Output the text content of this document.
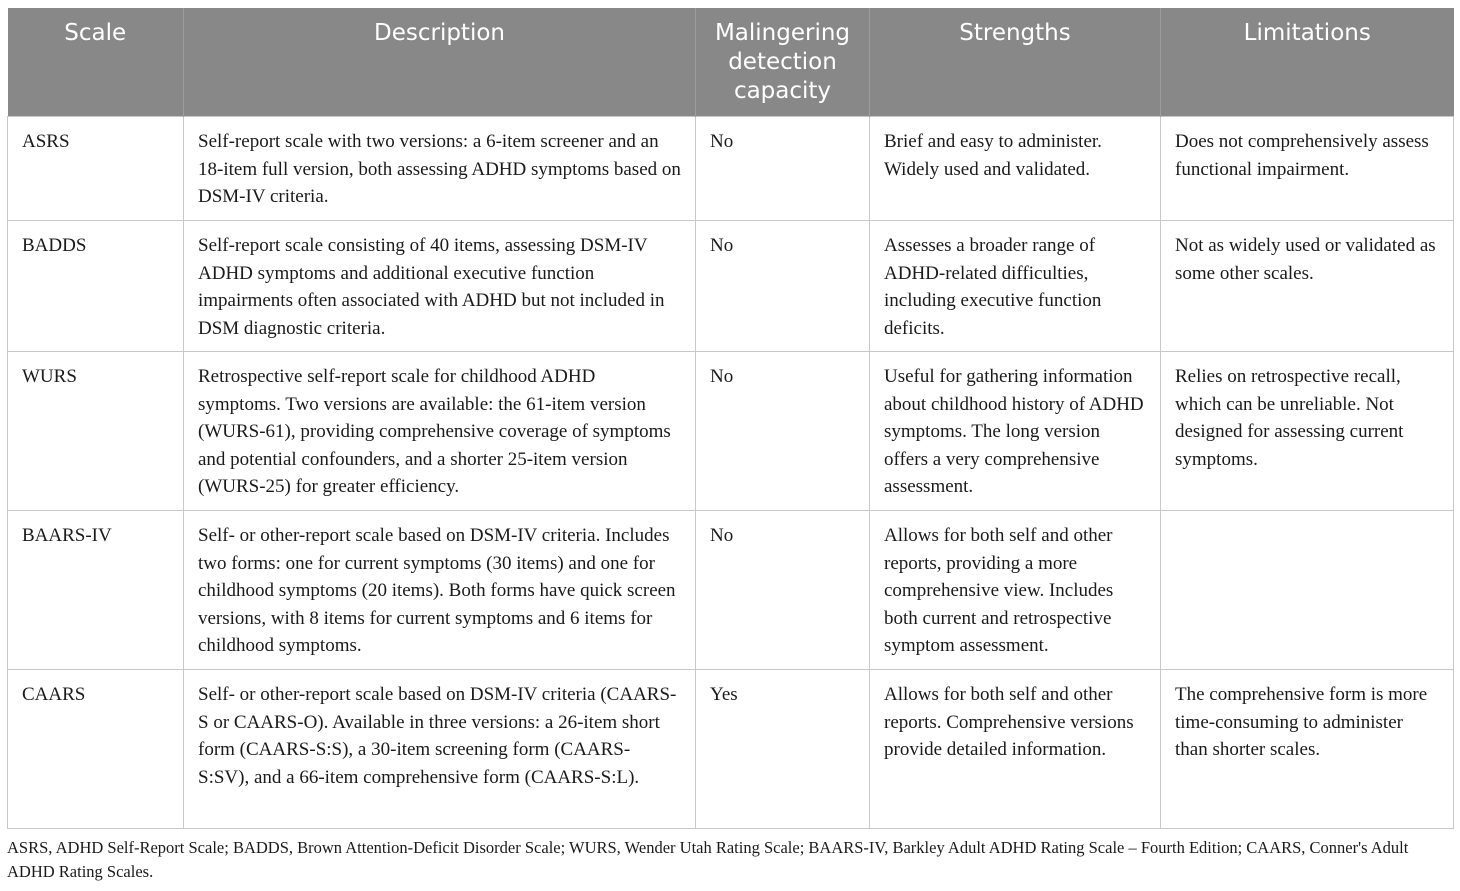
Scale	Description	Malingering detection capacity	Strengths	Limitations
ASRS	Self-report scale with two versions: a 6-item screener and an 18-item full version, both assessing ADHD symptoms based on DSM-IV criteria.	No	Brief and easy to administer. Widely used and validated.	Does not comprehensively assess functional impairment.
BADDS	Self-report scale consisting of 40 items, assessing DSM-IV ADHD symptoms and additional executive function impairments often associated with ADHD but not included in DSM diagnostic criteria.	No	Assesses a broader range of ADHD-related difficulties, including executive function deficits.	Not as widely used or validated as some other scales.
WURS	Retrospective self-report scale for childhood ADHD symptoms. Two versions are available: the 61-item version (WURS-61), providing comprehensive coverage of symptoms and potential confounders, and a shorter 25-item version (WURS-25) for greater efficiency.	No	Useful for gathering information about childhood history of ADHD symptoms. The long version offers a very comprehensive assessment.	Relies on retrospective recall, which can be unreliable. Not designed for assessing current symptoms.
BAARS-IV	Self- or other-report scale based on DSM-IV criteria. Includes two forms: one for current symptoms (30 items) and one for childhood symptoms (20 items). Both forms have quick screen versions, with 8 items for current symptoms and 6 items for childhood symptoms.	No	Allows for both self and other reports, providing a more comprehensive view. Includes both current and retrospective symptom assessment.	
CAARS	Self- or other-report scale based on DSM-IV criteria (CAARS-S or CAARS-O). Available in three versions: a 26-item short form (CAARS-S:S), a 30-item screening form (CAARS-S:SV), and a 66-item comprehensive form (CAARS-S:L).	Yes	Allows for both self and other reports. Comprehensive versions provide detailed information.	The comprehensive form is more time-consuming to administer than shorter scales.
ASRS, ADHD Self-Report Scale; BADDS, Brown Attention-Deficit Disorder Scale; WURS, Wender Utah Rating Scale; BAARS-IV, Barkley Adult ADHD Rating Scale – Fourth Edition; CAARS, Conner's Adult ADHD Rating Scales.
